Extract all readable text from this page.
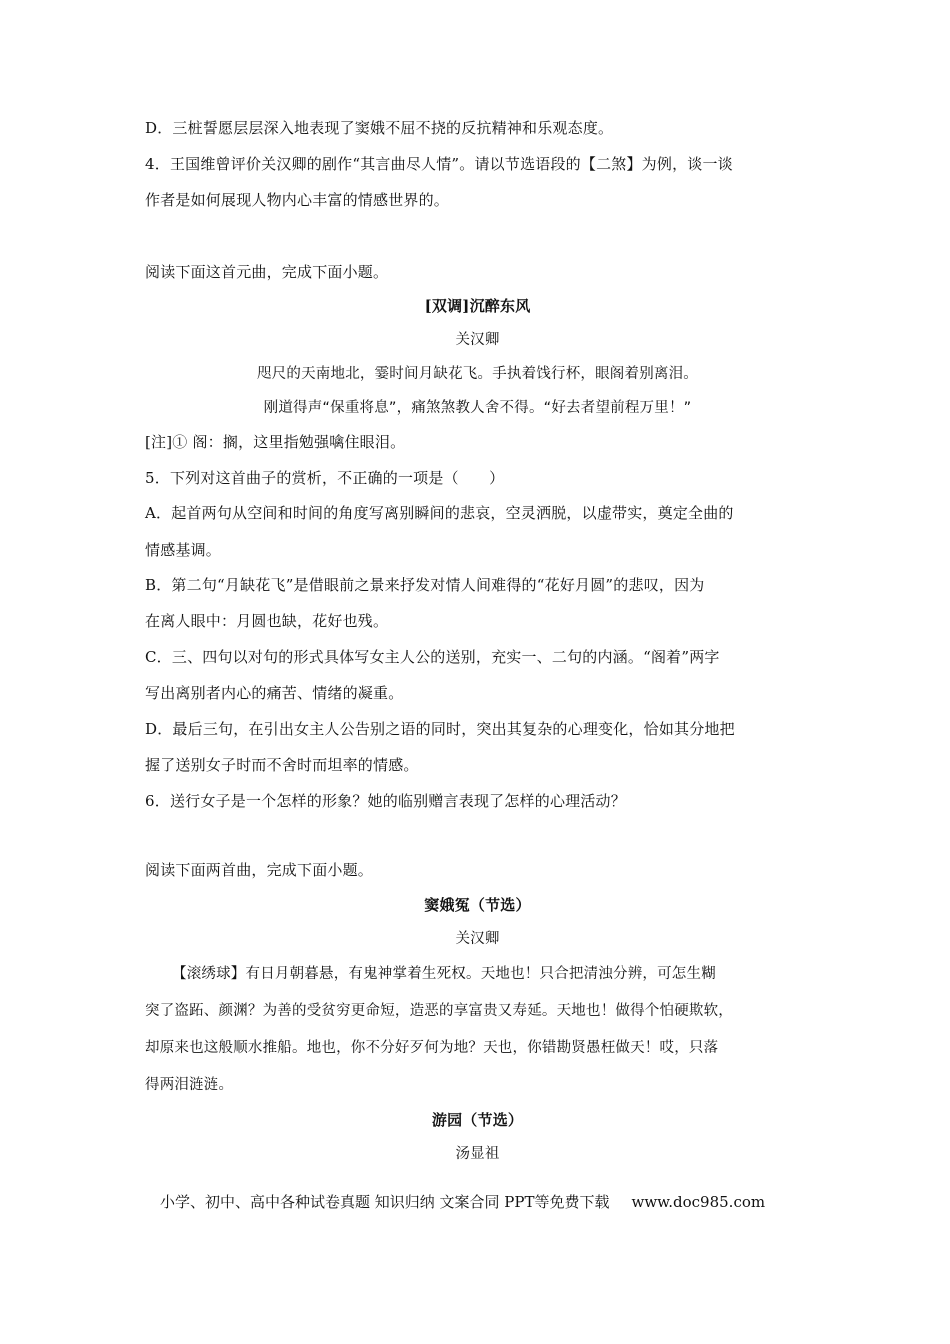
D．三桩誓愿层层深入地表现了窦娥不屈不挠的反抗精神和乐观态度。
4．王国维曾评价关汉卿的剧作“其言曲尽人情”。请以节选语段的【二煞】为例，谈一谈
作者是如何展现人物内心丰富的情感世界的。
阅读下面这首元曲，完成下面小题。
[双调]沉醉东风
关汉卿
咫尺的天南地北，霎时间月缺花飞。手执着饯行杯，眼阁着别离泪。
刚道得声“保重将息”，痛煞煞教人舍不得。“好去者望前程万里！”
[注]① 阁：搁，这里指勉强噙住眼泪。
5．下列对这首曲子的赏析，不正确的一项是（　　）
A．起首两句从空间和时间的角度写离别瞬间的悲哀，空灵洒脱，以虚带实，奠定全曲的
情感基调。
B．第二句“月缺花飞”是借眼前之景来抒发对情人间难得的“花好月圆”的悲叹，因为
在离人眼中：月圆也缺，花好也残。
C．三、四句以对句的形式具体写女主人公的送别，充实一、二句的内涵。“阁着”两字
写出离别者内心的痛苦、情绪的凝重。
D．最后三句，在引出女主人公告别之语的同时，突出其复杂的心理变化，恰如其分地把
握了送别女子时而不舍时而坦率的情感。
6．送行女子是一个怎样的形象？她的临别赠言表现了怎样的心理活动？
阅读下面两首曲，完成下面小题。
窦娥冤（节选）
关汉卿
【滚绣球】有日月朝暮悬，有鬼神掌着生死权。天地也！只合把清浊分辨，可怎生糊
突了盗跖、颜渊？为善的受贫穷更命短，造恶的享富贵又寿延。天地也！做得个怕硬欺软，
却原来也这般顺水推船。地也，你不分好歹何为地？天也，你错勘贤愚枉做天！哎，只落
得两泪涟涟。
游园（节选）
汤显祖
小学、初中、高中各种试卷真题 知识归纳 文案合同 PPT等免费下载 www.doc985.com
